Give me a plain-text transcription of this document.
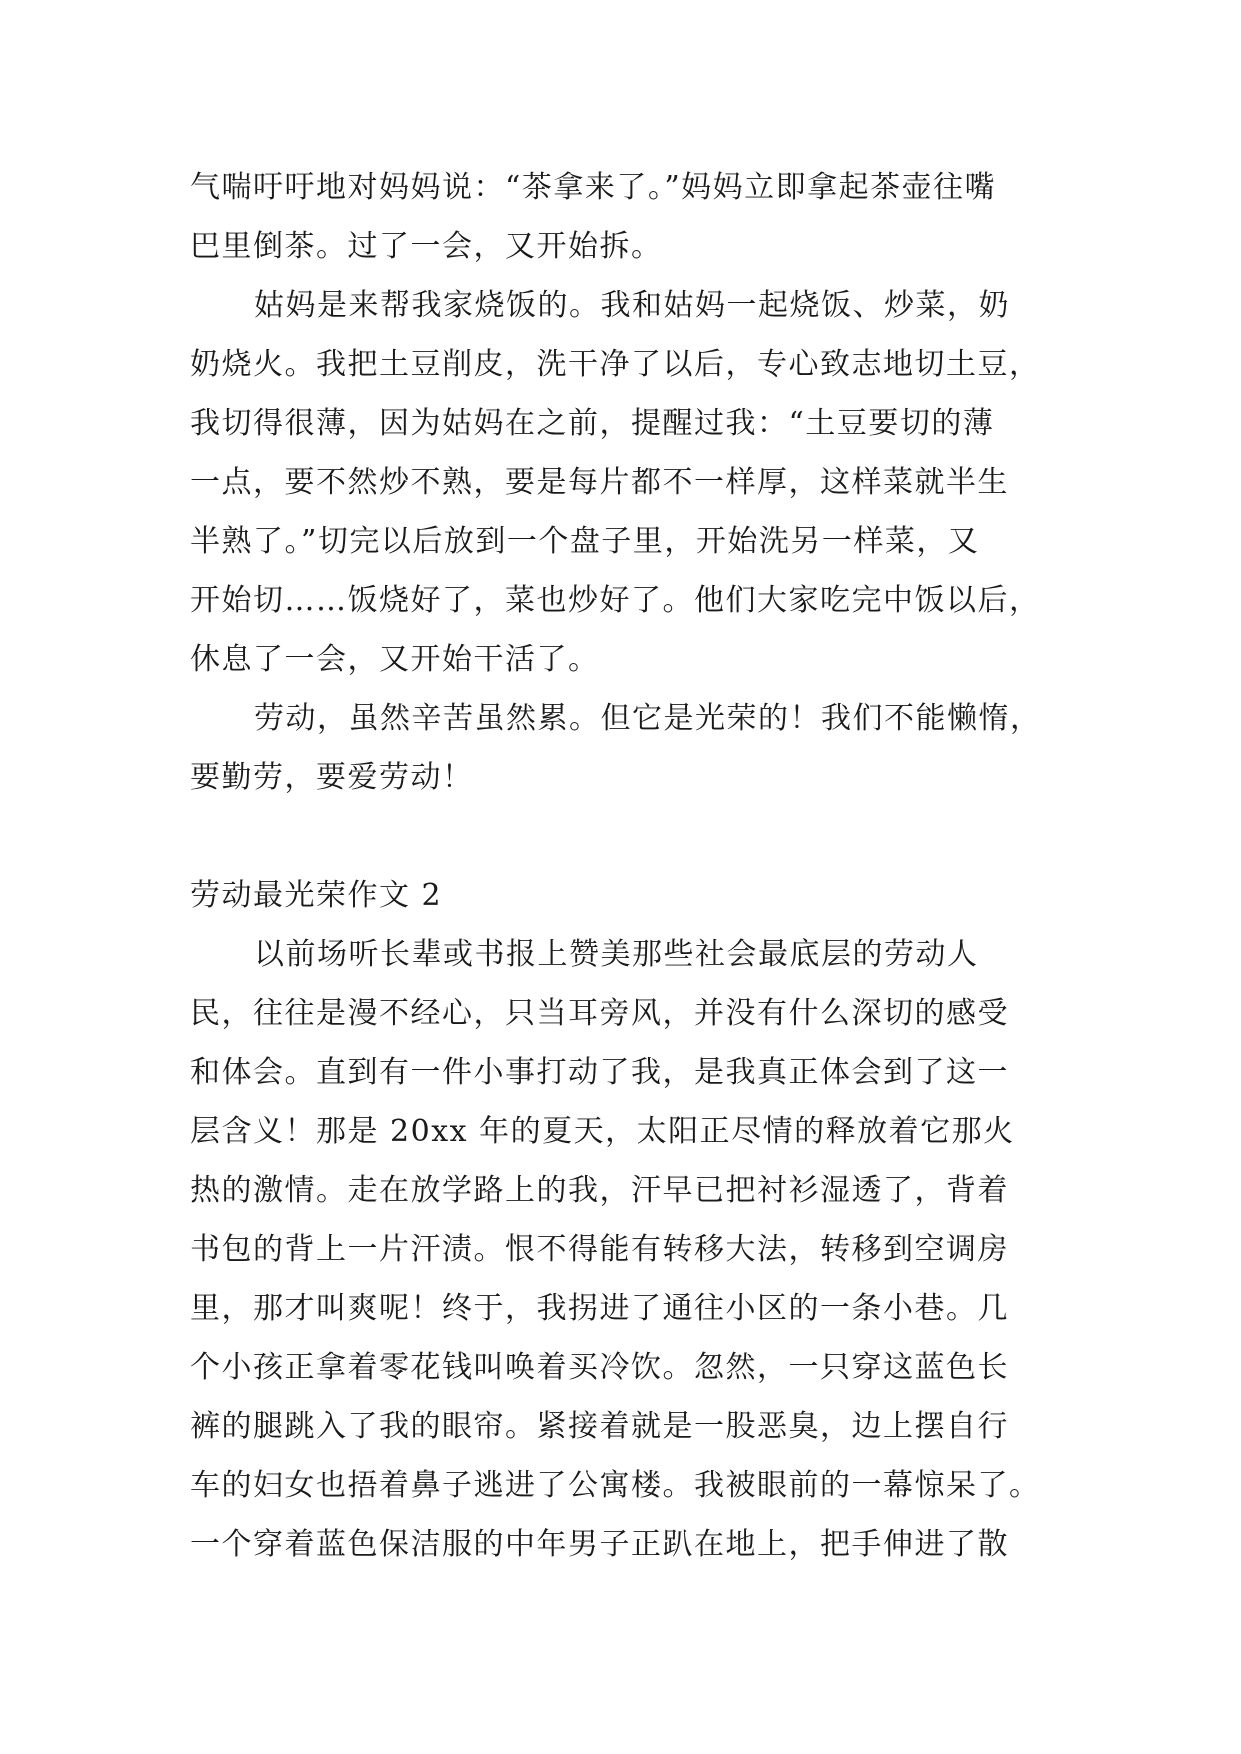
气喘吁吁地对妈妈说：“茶拿来了。”妈妈立即拿起茶壶往嘴
巴里倒茶。过了一会，又开始拆。
姑妈是来帮我家烧饭的。我和姑妈一起烧饭、炒菜，奶
奶烧火。我把土豆削皮，洗干净了以后，专心致志地切土豆，
我切得很薄，因为姑妈在之前，提醒过我：“土豆要切的薄
一点，要不然炒不熟，要是每片都不一样厚，这样菜就半生
半熟了。”切完以后放到一个盘子里，开始洗另一样菜，又
开始切……饭烧好了，菜也炒好了。他们大家吃完中饭以后，
休息了一会，又开始干活了。
劳动，虽然辛苦虽然累。但它是光荣的！我们不能懒惰，
要勤劳，要爱劳动！
劳动最光荣作文 2
以前场听长辈或书报上赞美那些社会最底层的劳动人
民，往往是漫不经心，只当耳旁风，并没有什么深切的感受
和体会。直到有一件小事打动了我，是我真正体会到了这一
层含义！那是 20xx 年的夏天，太阳正尽情的释放着它那火
热的激情。走在放学路上的我，汗早已把衬衫湿透了，背着
书包的背上一片汗渍。恨不得能有转移大法，转移到空调房
里，那才叫爽呢！终于，我拐进了通往小区的一条小巷。几
个小孩正拿着零花钱叫唤着买冷饮。忽然，一只穿这蓝色长
裤的腿跳入了我的眼帘。紧接着就是一股恶臭，边上摆自行
车的妇女也捂着鼻子逃进了公寓楼。我被眼前的一幕惊呆了。
一个穿着蓝色保洁服的中年男子正趴在地上，把手伸进了散
